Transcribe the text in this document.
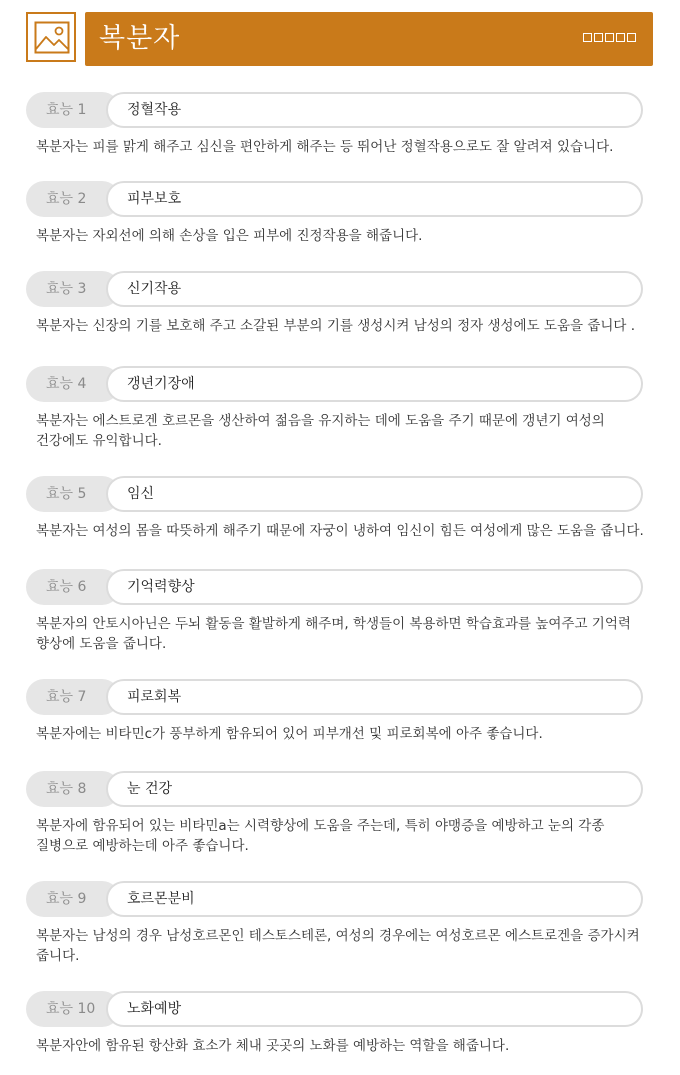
복분자
효능 1	정혈작용
복분자는 피를 맑게 해주고 심신을 편안하게 해주는 등 뛰어난 정혈작용으로도 잘 알려져 있습니다.
효능 2	피부보호
복분자는 자외선에 의해 손상을 입은 피부에 진정작용을 해줍니다.
효능 3	신기작용
복분자는 신장의 기를 보호해 주고 소갈된 부분의 기를 생성시켜 남성의 정자 생성에도 도움을 줍니다 .
효능 4	갱년기장애
복분자는 에스트로겐 호르몬을 생산하여 젊음을 유지하는 데에 도움을 주기 때문에 갱년기 여성의 건강에도 유익합니다.
효능 5	임신
복분자는 여성의 몸을 따뜻하게 해주기 때문에 자궁이 냉하여 임신이 힘든 여성에게 많은 도움을 줍니다.
효능 6	기억력향상
복분자의 안토시아닌은 두뇌 활동을 활발하게 해주며, 학생들이 복용하면 학습효과를 높여주고 기억력 향상에 도움을 줍니다.
효능 7	피로회복
복분자에는 비타민c가 풍부하게 함유되어 있어 피부개선 및 피로회복에 아주 좋습니다.
효능 8	눈 건강
복분자에 함유되어 있는 비타민a는 시력향상에 도움을 주는데, 특히 야맹증을 예방하고 눈의 각종 질병으로 예방하는데 아주 좋습니다.
효능 9	호르몬분비
복분자는 남성의 경우 남성호르몬인 테스토스테론, 여성의 경우에는 여성호르몬 에스트로겐을 증가시켜 줍니다.
효능 10	노화예방
복분자안에 함유된 항산화 효소가 체내 곳곳의 노화를 예방하는 역할을 해줍니다.
